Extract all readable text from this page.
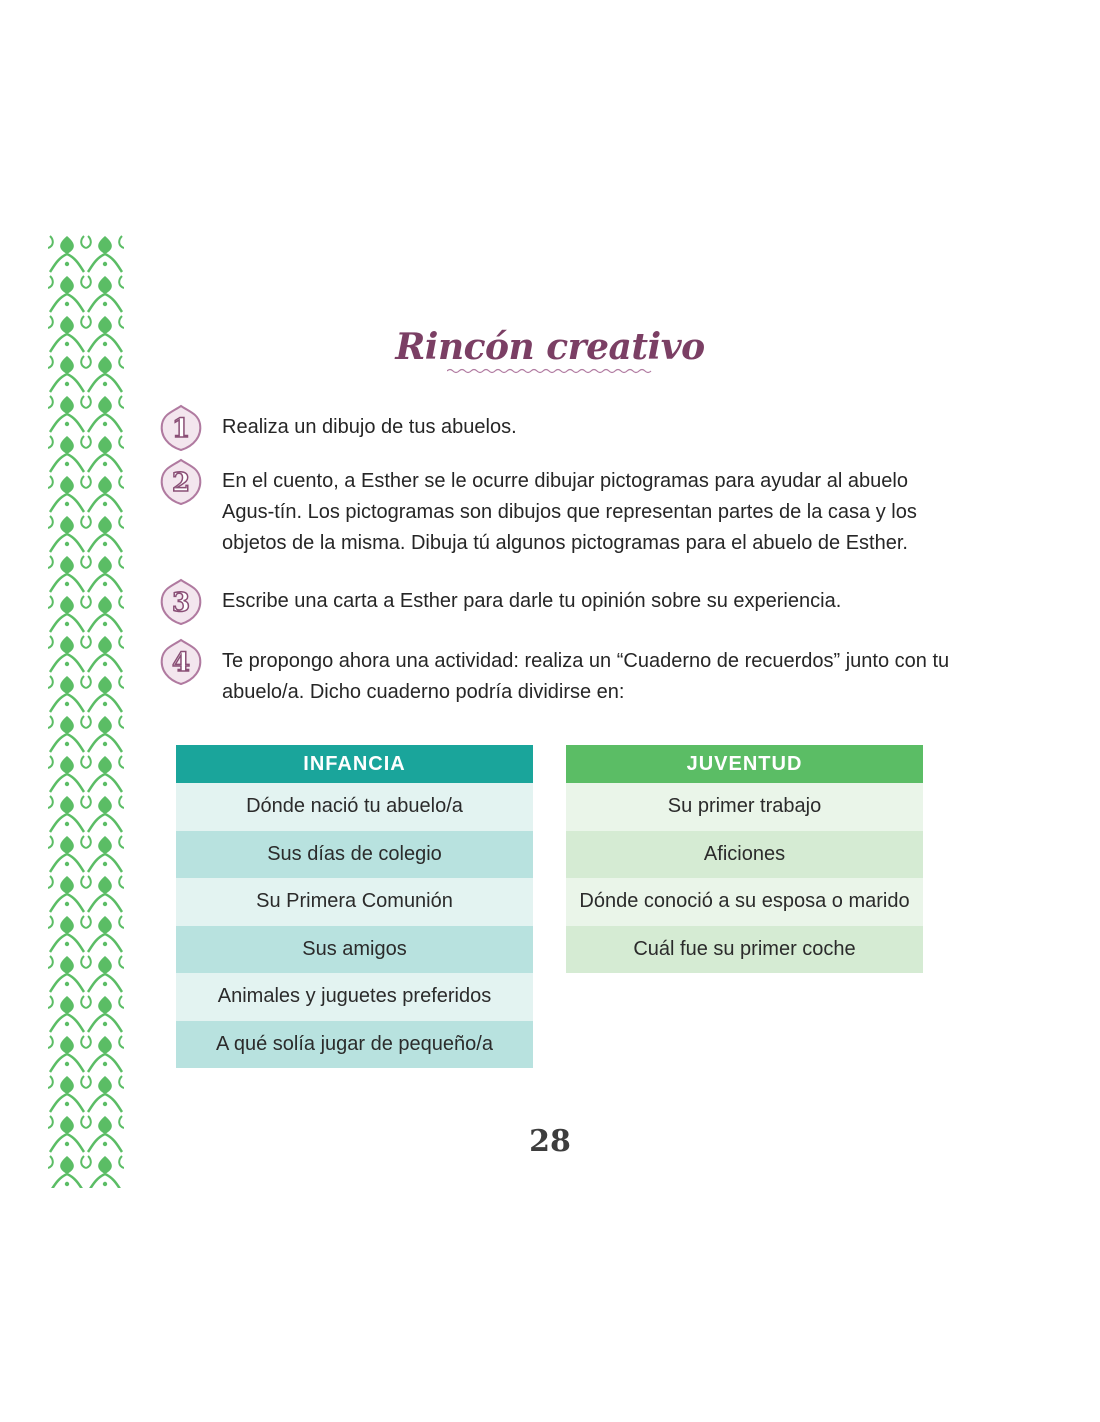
Rincón creativo
1 Realiza un dibujo de tus abuelos.
2 En el cuento, a Esther se le ocurre dibujar pictogramas para ayudar al abuelo Agus-tín. Los pictogramas son dibujos que representan partes de la casa y los objetos de la misma. Dibuja tú algunos pictogramas para el abuelo de Esther.
3 Escribe una carta a Esther para darle tu opinión sobre su experiencia.
4 Te propongo ahora una actividad: realiza un “Cuaderno de recuerdos” junto con tu abuelo/a. Dicho cuaderno podría dividirse en:
INFANCIA
Dónde nació tu abuelo/a
Sus días de colegio
Su Primera Comunión
Sus amigos
Animales y juguetes preferidos
A qué solía jugar de pequeño/a
JUVENTUD
Su primer trabajo
Aficiones
Dónde conoció a su esposa o marido
Cuál fue su primer coche
28
